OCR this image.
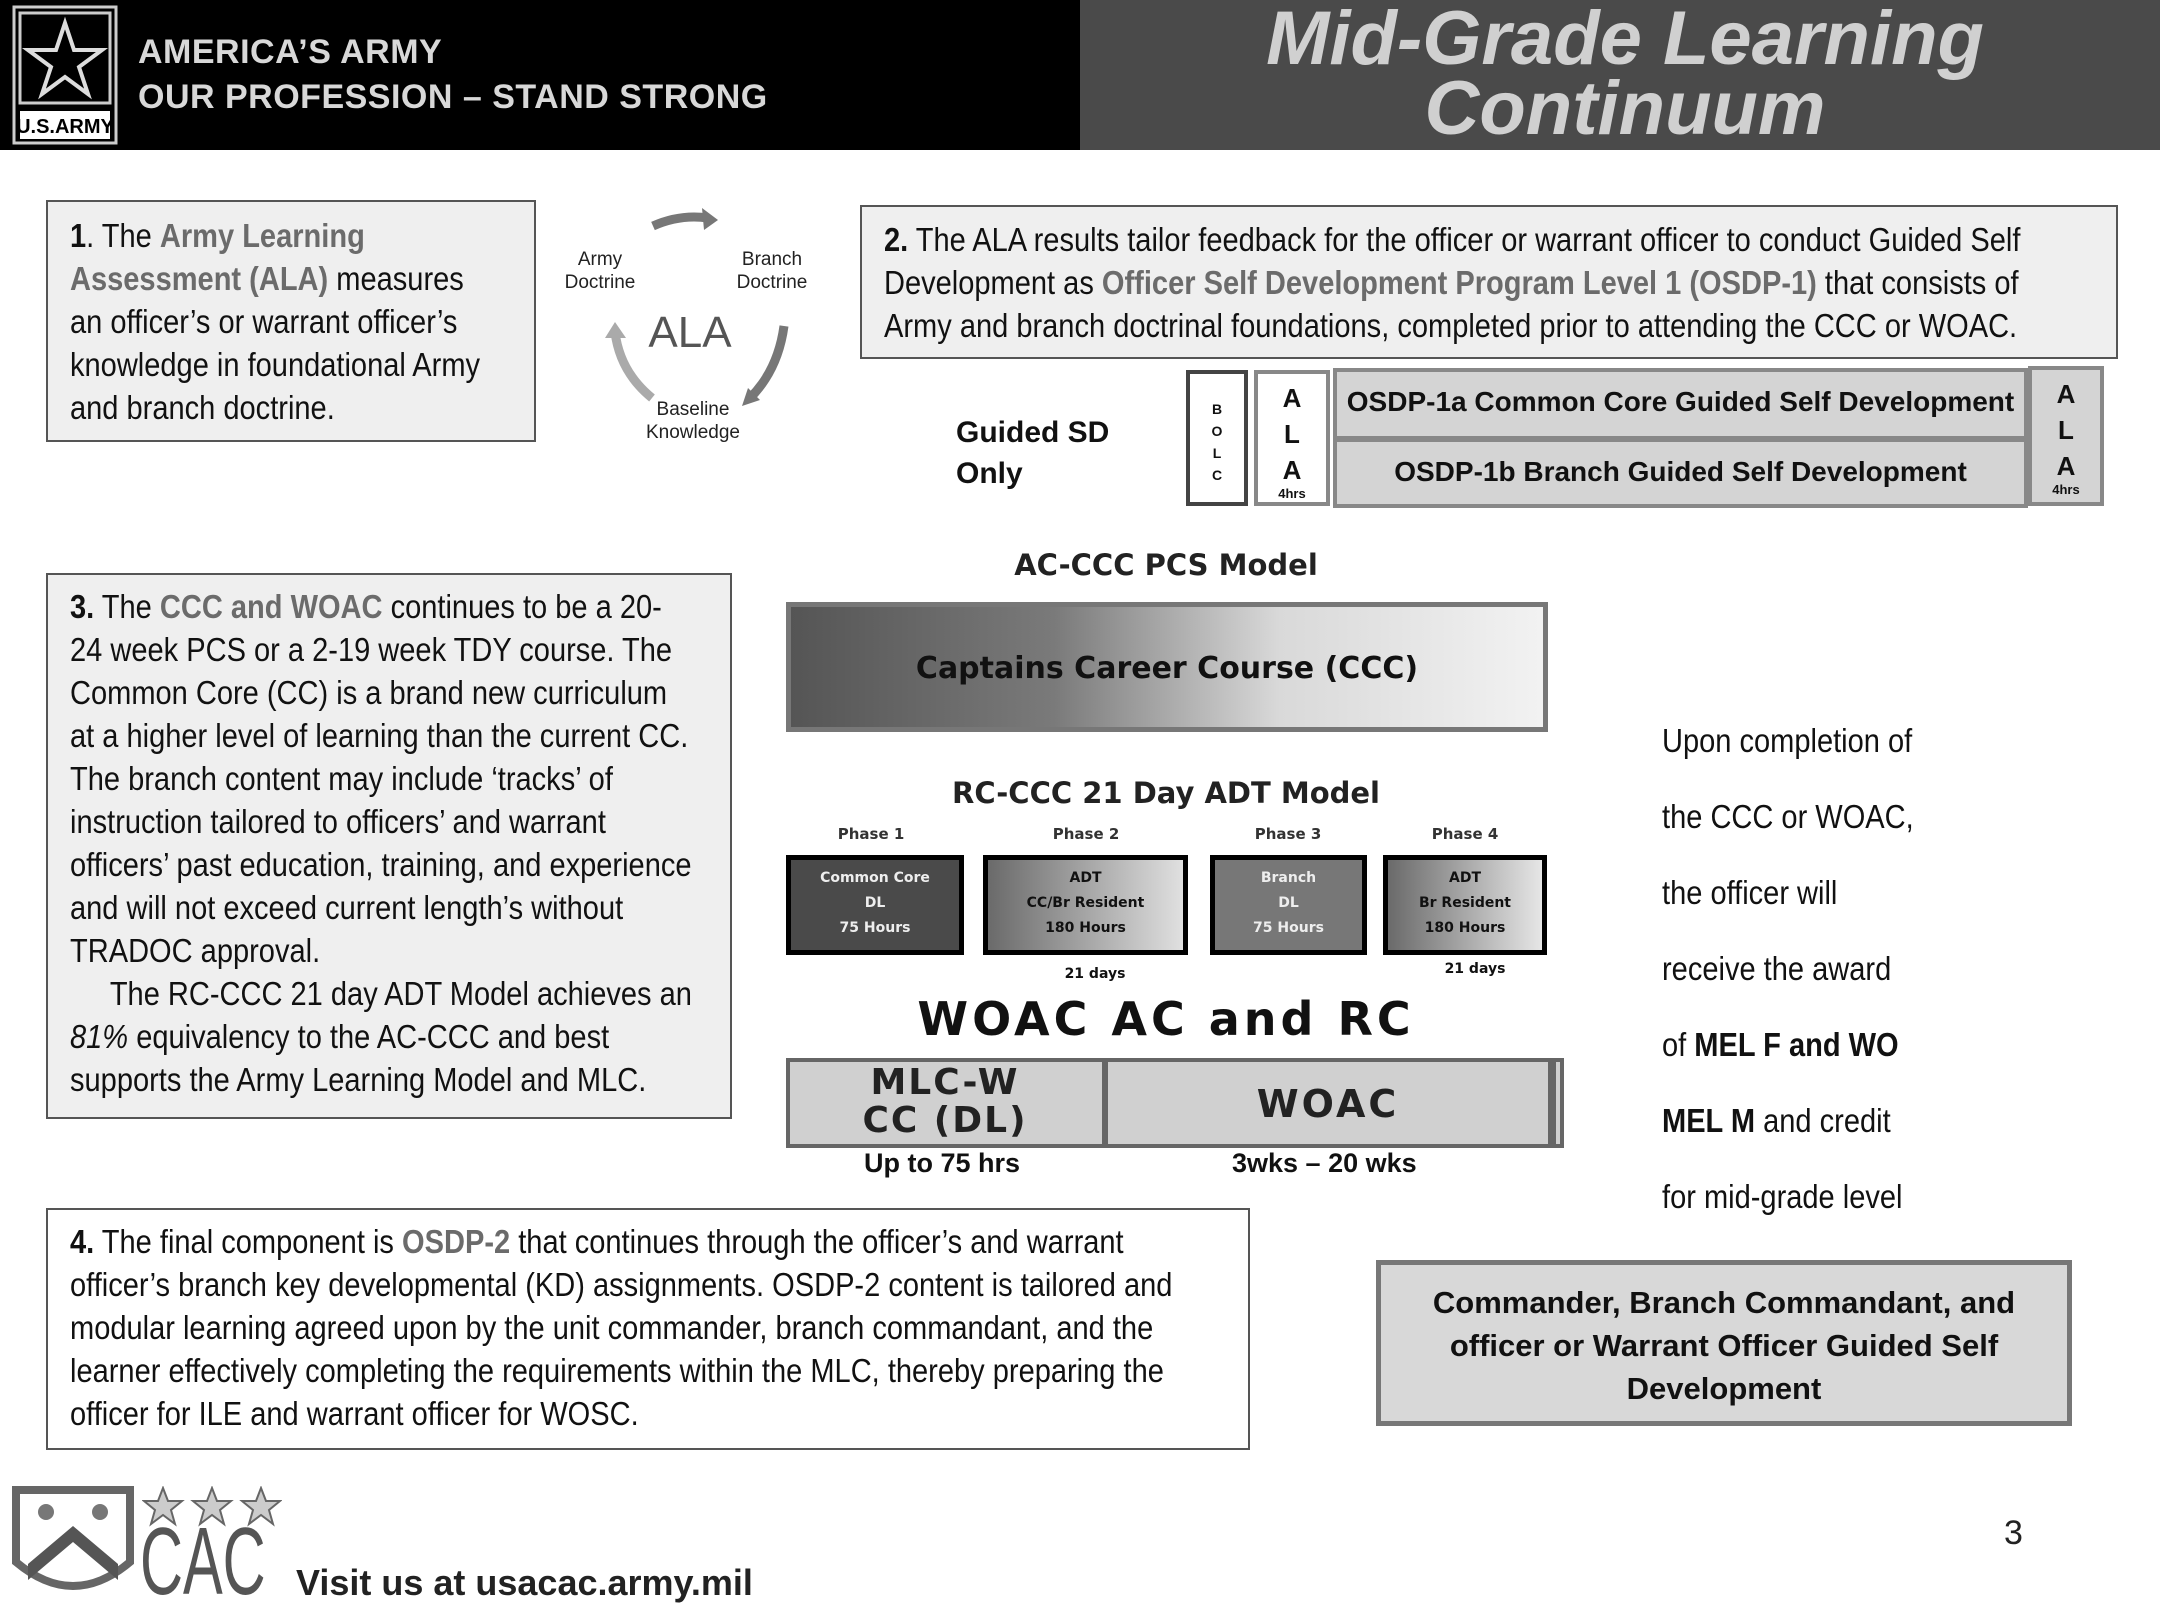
U.S.ARMY
AMERICA’S ARMY
OUR PROFESSION – STAND STRONG
Mid-Grade Learning
Continuum

1. The Army Learning

Assessment (ALA) measures

an officer’s or warrant officer’s

knowledge in foundational Army

and branch doctrine.

ALA
Army
Doctrine
Branch
Doctrine
Baseline
Knowledge

2. The ALA results tailor feedback for the officer or warrant officer to conduct Guided Self

Development as Officer Self Development Program Level 1 (OSDP-1) that consists of

Army and branch doctrinal foundations, completed prior to attending the CCC or WOAC.

Guided SD
Only
B
O
L
C
A
L
A
4hrs
OSDP-1a Common Core Guided Self Development
OSDP-1b Branch Guided Self Development
A
L
A
4hrs

3. The CCC and WOAC continues to be a 20-

24 week PCS or a 2-19 week TDY course. The

Common Core (CC) is a brand new curriculum

at a higher level of learning than the current CC.

The branch content may include ‘tracks’ of

instruction tailored to officers’ and warrant

officers’ past education, training, and experience

and will not exceed current length’s without

TRADOC approval.

The RC-CCC 21 day ADT Model achieves an

81% equivalency to the AC-CCC and best

supports the Army Learning Model and MLC.

AC-CCC PCS Model
Captains Career Course (CCC)
RC-CCC 21 Day ADT Model
Phase 1	Phase 2	Phase 3	Phase 4
Common Core
DL
75 Hours
ADT
CC/Br Resident
180 Hours
Branch
DL
75 Hours
ADT
Br Resident
180 Hours
21 days	21 days
WOAC AC and RC
MLC-W
CC (DL)	WOAC
Up to 75 hrs	3wks – 20 wks

Upon completion of

the CCC or WOAC,

the officer will

receive the award

of MEL F and WO

MEL M and credit

for mid-grade level

4. The final component is OSDP-2 that continues through the officer’s and warrant

officer’s branch key developmental (KD) assignments. OSDP-2 content is tailored and

modular learning agreed upon by the unit commander, branch commandant, and the

learner effectively completing the requirements within the MLC, thereby preparing the

officer for ILE and warrant officer for WOSC.

Commander, Branch Commandant, and
officer or Warrant Officer Guided Self
Development
CAC Visit us at usacac.army.mil
3
